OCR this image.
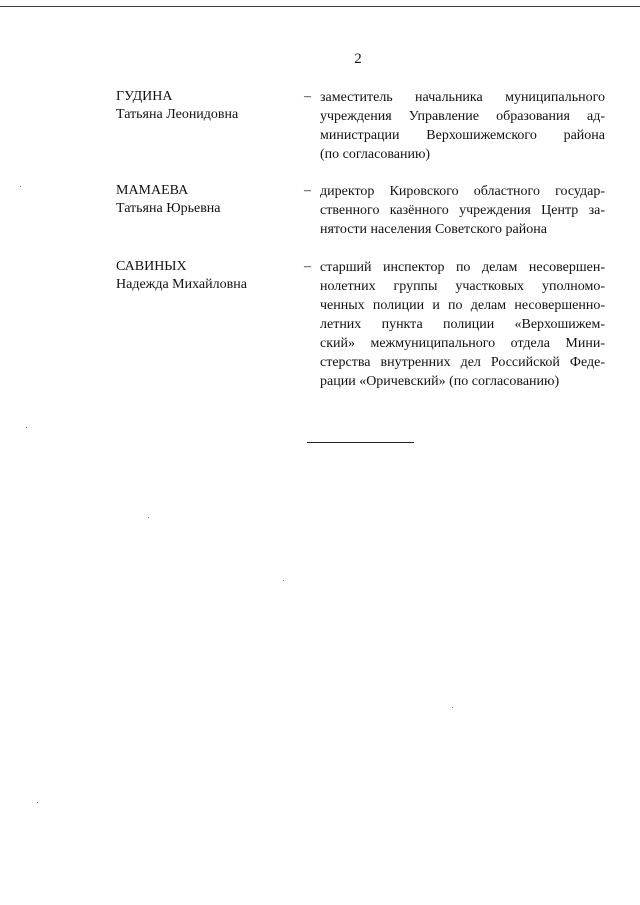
2
ГУДИНА
Татьяна Леонидовна
– заместитель начальника муниципального
учреждения Управление образования ад-
министрации Верхошижемского района
(по согласованию)
МАМАЕВА
Татьяна Юрьевна
– директор Кировского областного государ-
ственного казённого учреждения Центр за-
нятости населения Советского района
САВИНЫХ
Надежда Михайловна
– старший инспектор по делам несовершен-
нолетних группы участковых уполномо-
ченных полиции и по делам несовершенно-
летних пункта полиции «Верхошижем-
ский» межмуниципального отдела Мини-
стерства внутренних дел Российской Феде-
рации «Оричевский» (по согласованию)
